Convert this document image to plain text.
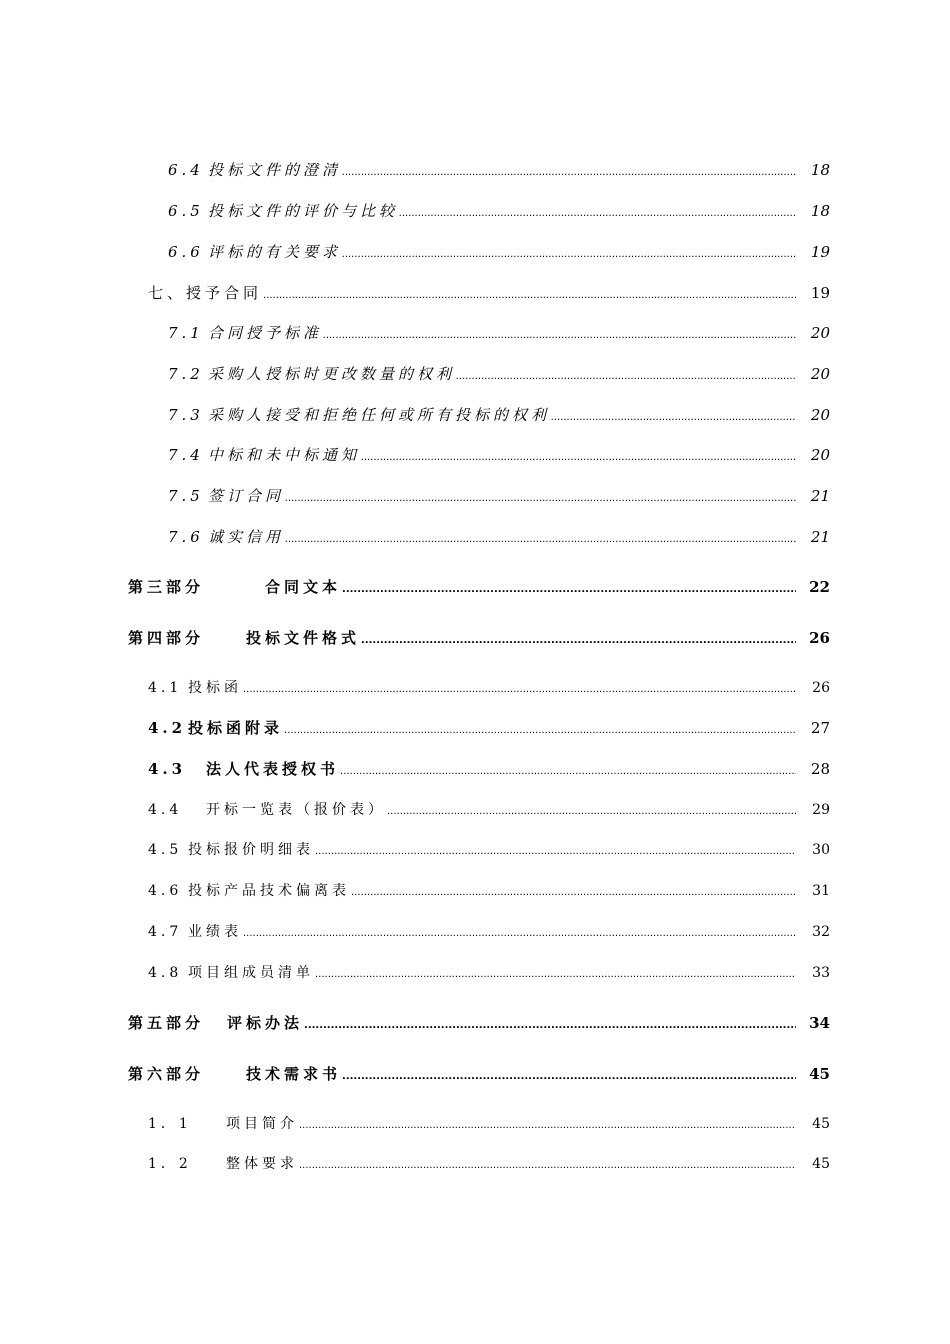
6.4 投标文件的澄清 .....	18
6.5 投标文件的评价与比较 .....	18
6.6 评标的有关要求 .....	19
七、授予合同 .....	19
7.1 合同授予标准 .....	20
7.2 采购人授标时更改数量的权利 .....	20
7.3 采购人接受和拒绝任何或所有投标的权利 .....	20
7.4 中标和未中标通知 .....	20
7.5 签订合同 .....	21
7.6 诚实信用 .....	21
第三部分	合同文本 .....	22
第四部分	投标文件格式 .....	26
4.1 投标函 .....	26
4.2 投标函附录 .....	27
4.3	法人代表授权书 .....	28
4.4	开标一览表（报价表） .....	29
4.5 投标报价明细表 .....	30
4.6 投标产品技术偏离表 .....	31
4.7 业绩表 .....	32
4.8 项目组成员清单 .....	33
第五部分	评标办法 .....	34
第六部分	技术需求书 .....	45
1．1	项目简介 .....	45
1．2	整体要求 .....	45
